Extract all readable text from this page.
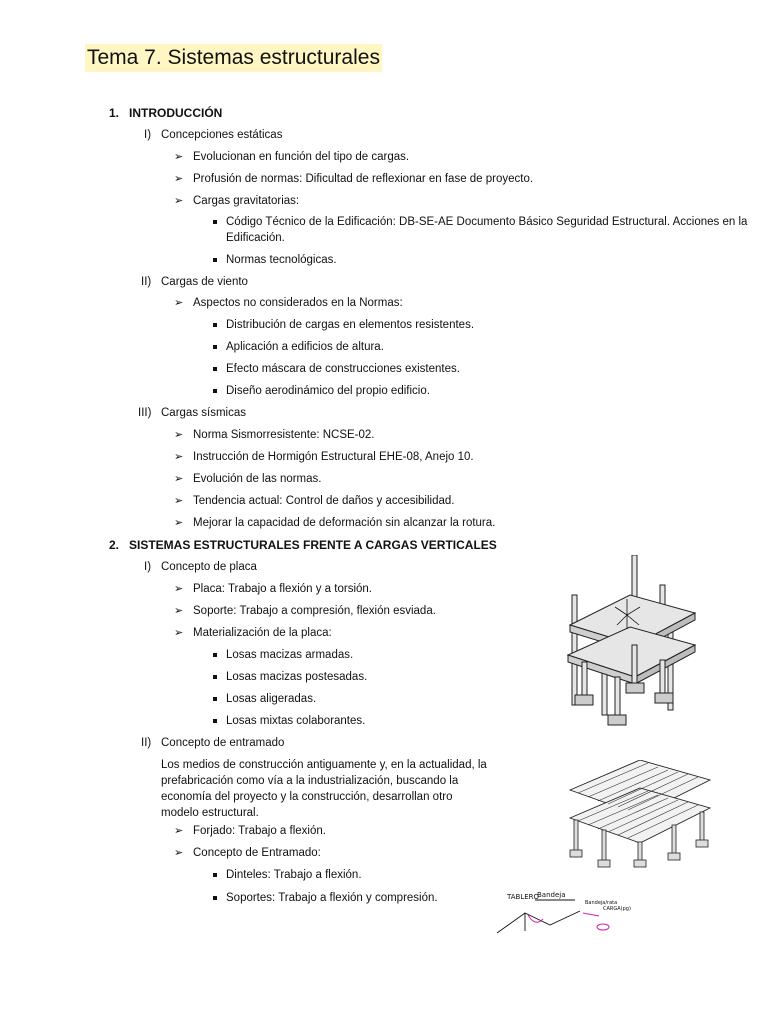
Tema 7. Sistemas estructurales
1. INTRODUCCIÓN
I) Concepciones estáticas
➢ Evolucionan en función del tipo de cargas.
➢ Profusión de normas: Dificultad de reflexionar en fase de proyecto.
➢ Cargas gravitatorias:
Código Técnico de la Edificación: DB-SE-AE Documento Básico Seguridad Estructural. Acciones en la Edificación.
Normas tecnológicas.
II) Cargas de viento
➢ Aspectos no considerados en la Normas:
Distribución de cargas en elementos resistentes.
Aplicación a edificios de altura.
Efecto máscara de construcciones existentes.
Diseño aerodinámico del propio edificio.
III) Cargas sísmicas
➢ Norma Sismorresistente: NCSE-02.
➢ Instrucción de Hormigón Estructural EHE-08, Anejo 10.
➢ Evolución de las normas.
➢ Tendencia actual: Control de daños y accesibilidad.
➢ Mejorar la capacidad de deformación sin alcanzar la rotura.
2. SISTEMAS ESTRUCTURALES FRENTE A CARGAS VERTICALES
I) Concepto de placa
➢ Placa: Trabajo a flexión y a torsión.
➢ Soporte: Trabajo a compresión, flexión esviada.
➢ Materialización de la placa:
Losas macizas armadas.
Losas macizas postesadas.
Losas aligeradas.
Losas mixtas colaborantes.
II) Concepto de entramado
Los medios de construcción antiguamente y, en la actualidad, la prefabricación como vía a la industrialización, buscando la economía del proyecto y la construcción, desarrollan otro modelo estructural.
➢ Forjado: Trabajo a flexión.
➢ Concepto de Entramado:
Dinteles: Trabajo a flexión.
Soportes: Trabajo a flexión y compresión.	TABLERO
Bandeja
Bandeja/rata
CARGA(pg)
